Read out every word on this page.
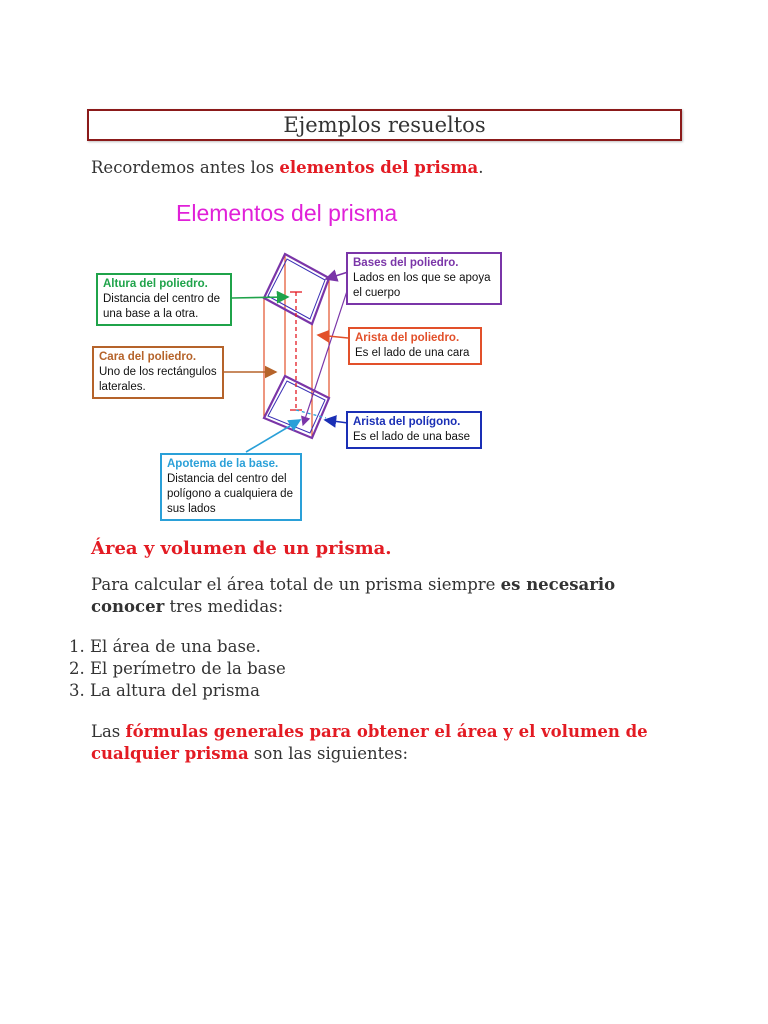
Ejemplos resueltos
Recordemos antes los elementos del prisma.
Elementos del prisma
Altura del poliedro.
Distancia del centro de una base a la otra.
Bases del poliedro.
Lados en los que se apoya el cuerpo
Arista del poliedro.
Es el lado de una cara
Cara del poliedro.
Uno de los rectángulos laterales.
Arista del polígono.
Es el lado de una base
Apotema de la base.
Distancia del centro del polígono a cualquiera de sus lados
Área y volumen de un prisma.
Para calcular el área total de un prisma siempre es necesario conocer tres medidas:
1. El área de una base.
2. El perímetro de la base
3. La altura del prisma
Las fórmulas generales para obtener el área y el volumen de cualquier prisma son las siguientes:
